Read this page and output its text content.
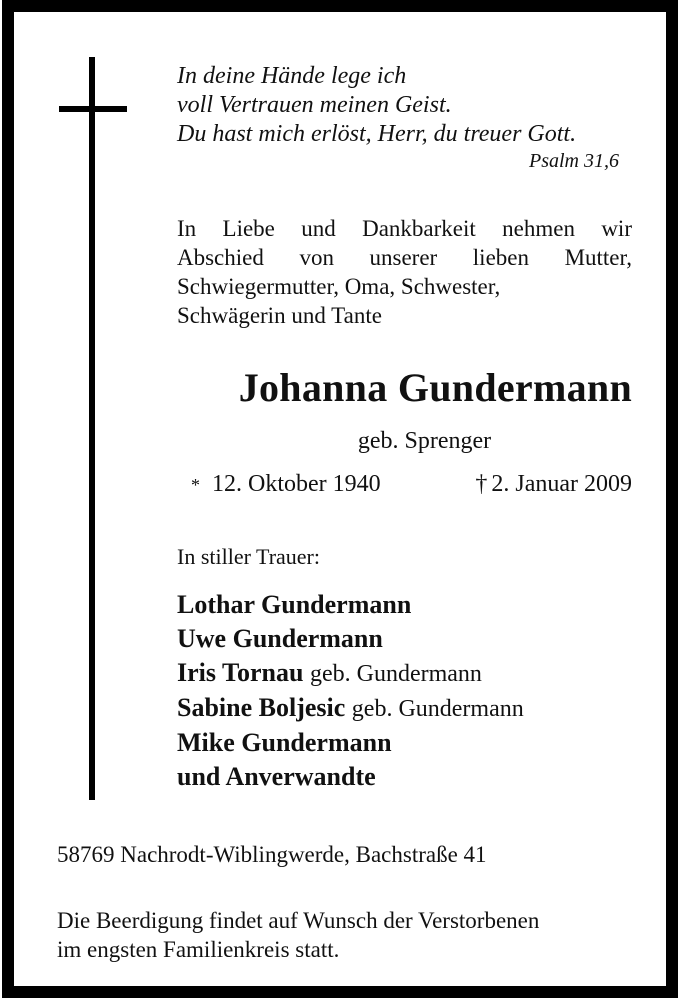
In deine Hände lege ich
voll Vertrauen meinen Geist.
Du hast mich erlöst, Herr, du treuer Gott.
Psalm 31,6
In Liebe und Dankbarkeit nehmen wir
Abschied von unserer lieben Mutter,
Schwiegermutter, Oma, Schwester,
Schwägerin und Tante
Johanna Gundermann
geb. Sprenger
* 12. Oktober 1940	† 2. Januar 2009
In stiller Trauer:
Lothar Gundermann
Uwe Gundermann
Iris Tornau geb. Gundermann
Sabine Boljesic geb. Gundermann
Mike Gundermann
und Anverwandte
58769 Nachrodt-Wiblingwerde, Bachstraße 41
Die Beerdigung findet auf Wunsch der Verstorbenen
im engsten Familienkreis statt.
